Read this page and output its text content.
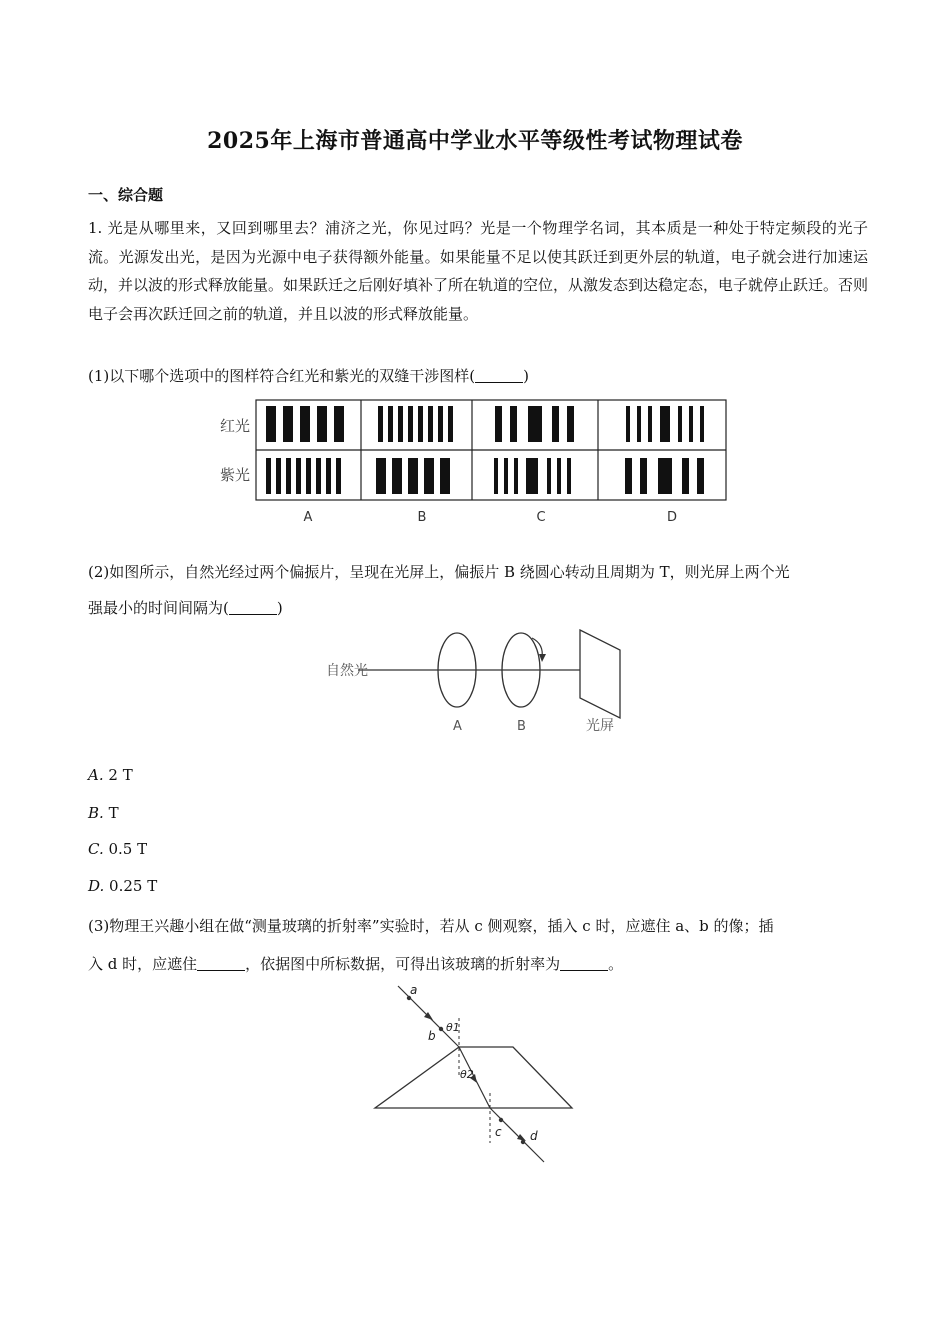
2025年上海市普通高中学业水平等级性考试物理试卷
一、综合题
1. 光是从哪里来，又回到哪里去？浦济之光，你见过吗？光是一个物理学名词，其本质是一种处于特定频段的光子流。光源发出光，是因为光源中电子获得额外能量。如果能量不足以使其跃迁到更外层的轨道，电子就会进行加速运动，并以波的形式释放能量。如果跃迁之后刚好填补了所在轨道的空位，从激发态到达稳定态，电子就停止跃迁。否则电子会再次跃迁回之前的轨道，并且以波的形式释放能量。
(1)以下哪个选项中的图样符合红光和紫光的双缝干涉图样(	)
红光
紫光
A	B	C	D
(2)如图所示，自然光经过两个偏振片，呈现在光屏上，偏振片 B 绕圆心转动且周期为 T，则光屏上两个光
强最小的时间间隔为(	)
自然光
A	B	光屏
A. 2 T
B. T
C. 0.5 T
D. 0.25 T
(3)物理王兴趣小组在做“测量玻璃的折射率”实验时，若从 c 侧观察，插入 c 时，应遮住 a、b 的像；插
入 d 时，应遮住	，依据图中所标数据，可得出该玻璃的折射率为	。
a
b
c d
θ1
θ2
